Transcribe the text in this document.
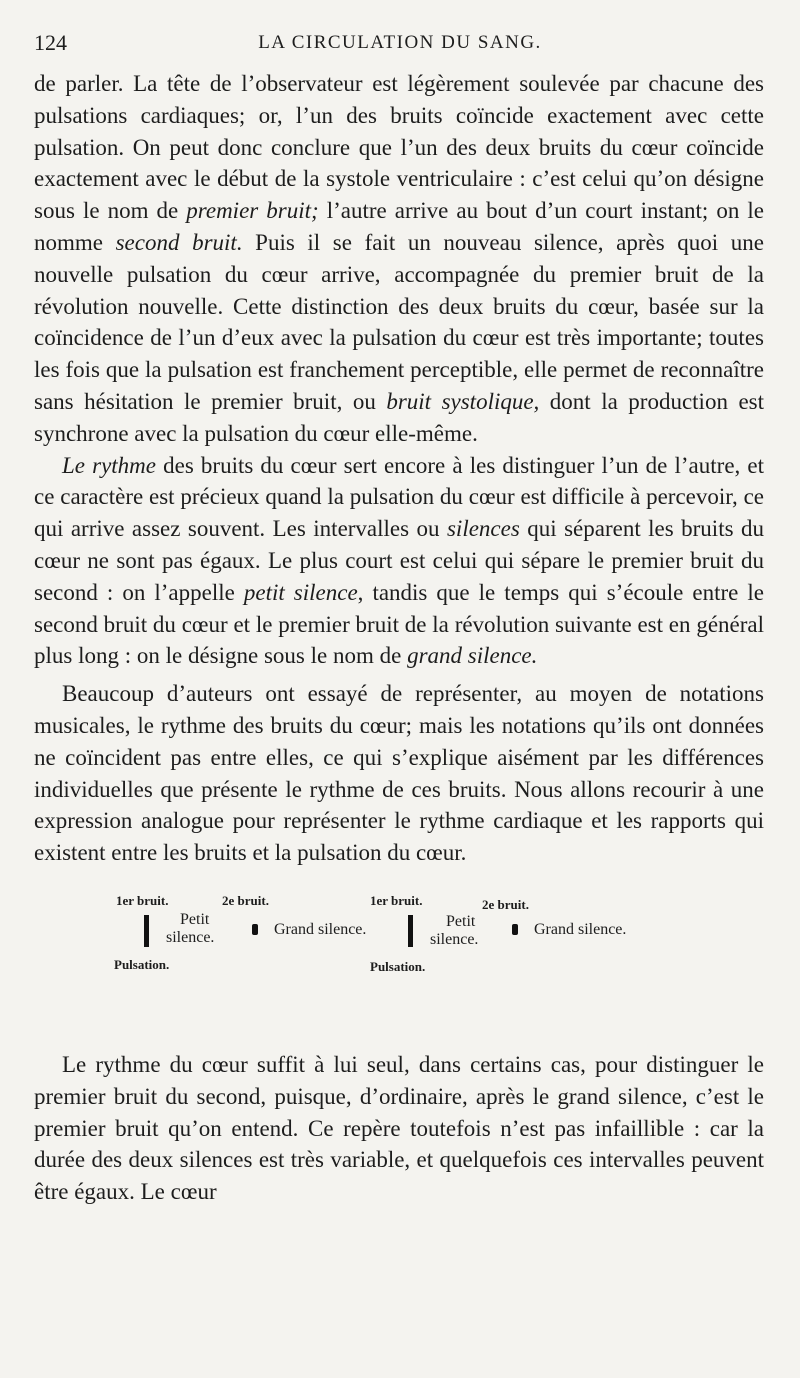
124	LA CIRCULATION DU SANG.

de parler. La tête de l’observateur est légèrement soulevée par chacune des pulsations cardiaques; or, l’un des bruits coïncide exactement avec cette pulsation. On peut donc conclure que l’un des deux bruits du cœur coïncide exactement avec le début de la systole ventriculaire : c’est celui qu’on désigne sous le nom de premier bruit; l’autre arrive au bout d’un court instant; on le nomme second bruit. Puis il se fait un nouveau silence, après quoi une nouvelle pulsation du cœur arrive, accompagnée du premier bruit de la révolution nouvelle. Cette distinction des deux bruits du cœur, basée sur la coïncidence de l’un d’eux avec la pulsation du cœur est très importante; toutes les fois que la pulsation est franchement perceptible, elle permet de reconnaître sans hésitation le premier bruit, ou bruit systolique, dont la production est synchrone avec la pulsation du cœur elle-même.

Le rythme des bruits du cœur sert encore à les distinguer l’un de l’autre, et ce caractère est précieux quand la pulsation du cœur est difficile à percevoir, ce qui arrive assez souvent. Les intervalles ou silences qui séparent les bruits du cœur ne sont pas égaux. Le plus court est celui qui sépare le premier bruit du second : on l’appelle petit silence, tandis que le temps qui s’écoule entre le second bruit du cœur et le premier bruit de la révolution suivante est en général plus long : on le désigne sous le nom de grand silence.

Beaucoup d’auteurs ont essayé de représenter, au moyen de notations musicales, le rythme des bruits du cœur; mais les notations qu’ils ont données ne coïncident pas entre elles, ce qui s’explique aisément par les différences individuelles que présente le rythme de ces bruits. Nous allons recourir à une expression analogue pour représenter le rythme cardiaque et les rapports qui existent entre les bruits et la pulsation du cœur.

1er bruit.	2e bruit.
Petit
silence.	Grand silence.
Pulsation.
1er bruit.	2e bruit.
Petit
silence.
Grand silence.
Pulsation.

Le rythme du cœur suffit à lui seul, dans certains cas, pour distinguer le premier bruit du second, puisque, d’ordinaire, après le grand silence, c’est le premier bruit qu’on entend. Ce repère toutefois n’est pas infaillible : car la durée des deux silences est très variable, et quelquefois ces intervalles peuvent être égaux. Le cœur
